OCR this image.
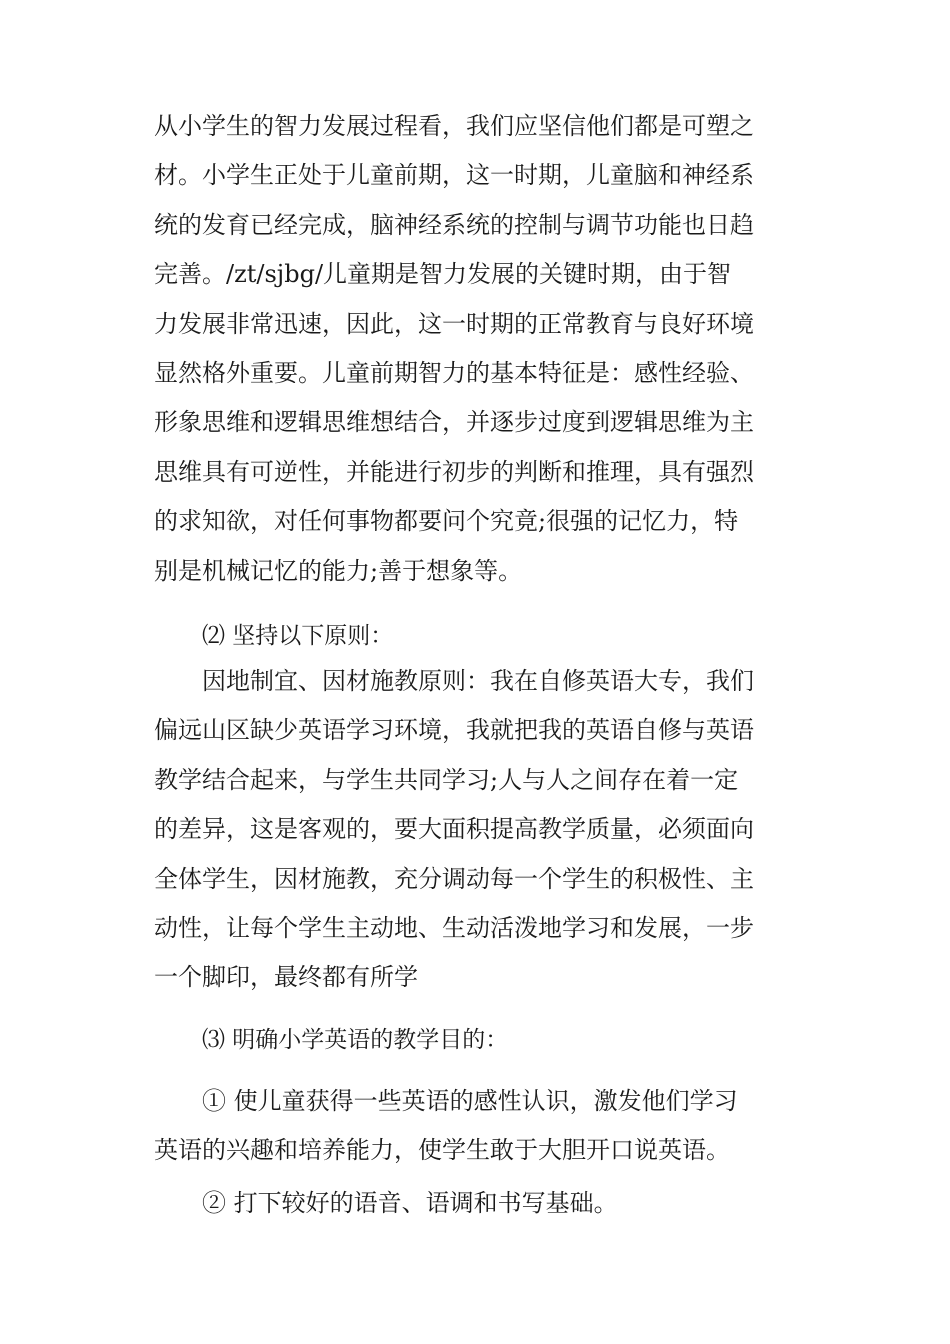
从小学生的智力发展过程看，我们应坚信他们都是可塑之
材。小学生正处于儿童前期，这一时期，儿童脑和神经系
统的发育已经完成，脑神经系统的控制与调节功能也日趋
完善。/zt/sjbg/儿童期是智力发展的关键时期，由于智
力发展非常迅速，因此，这一时期的正常教育与良好环境
显然格外重要。儿童前期智力的基本特征是：感性经验、
形象思维和逻辑思维想结合，并逐步过度到逻辑思维为主
思维具有可逆性，并能进行初步的判断和推理，具有强烈
的求知欲，对任何事物都要问个究竟;很强的记忆力，特
别是机械记忆的能力;善于想象等。
⑵ 坚持以下原则：
因地制宜、因材施教原则：我在自修英语大专，我们
偏远山区缺少英语学习环境，我就把我的英语自修与英语
教学结合起来，与学生共同学习;人与人之间存在着一定
的差异，这是客观的，要大面积提高教学质量，必须面向
全体学生，因材施教，充分调动每一个学生的积极性、主
动性，让每个学生主动地、生动活泼地学习和发展，一步
一个脚印，最终都有所学
⑶ 明确小学英语的教学目的：
① 使儿童获得一些英语的感性认识，激发他们学习
英语的兴趣和培养能力，使学生敢于大胆开口说英语。
② 打下较好的语音、语调和书写基础。
